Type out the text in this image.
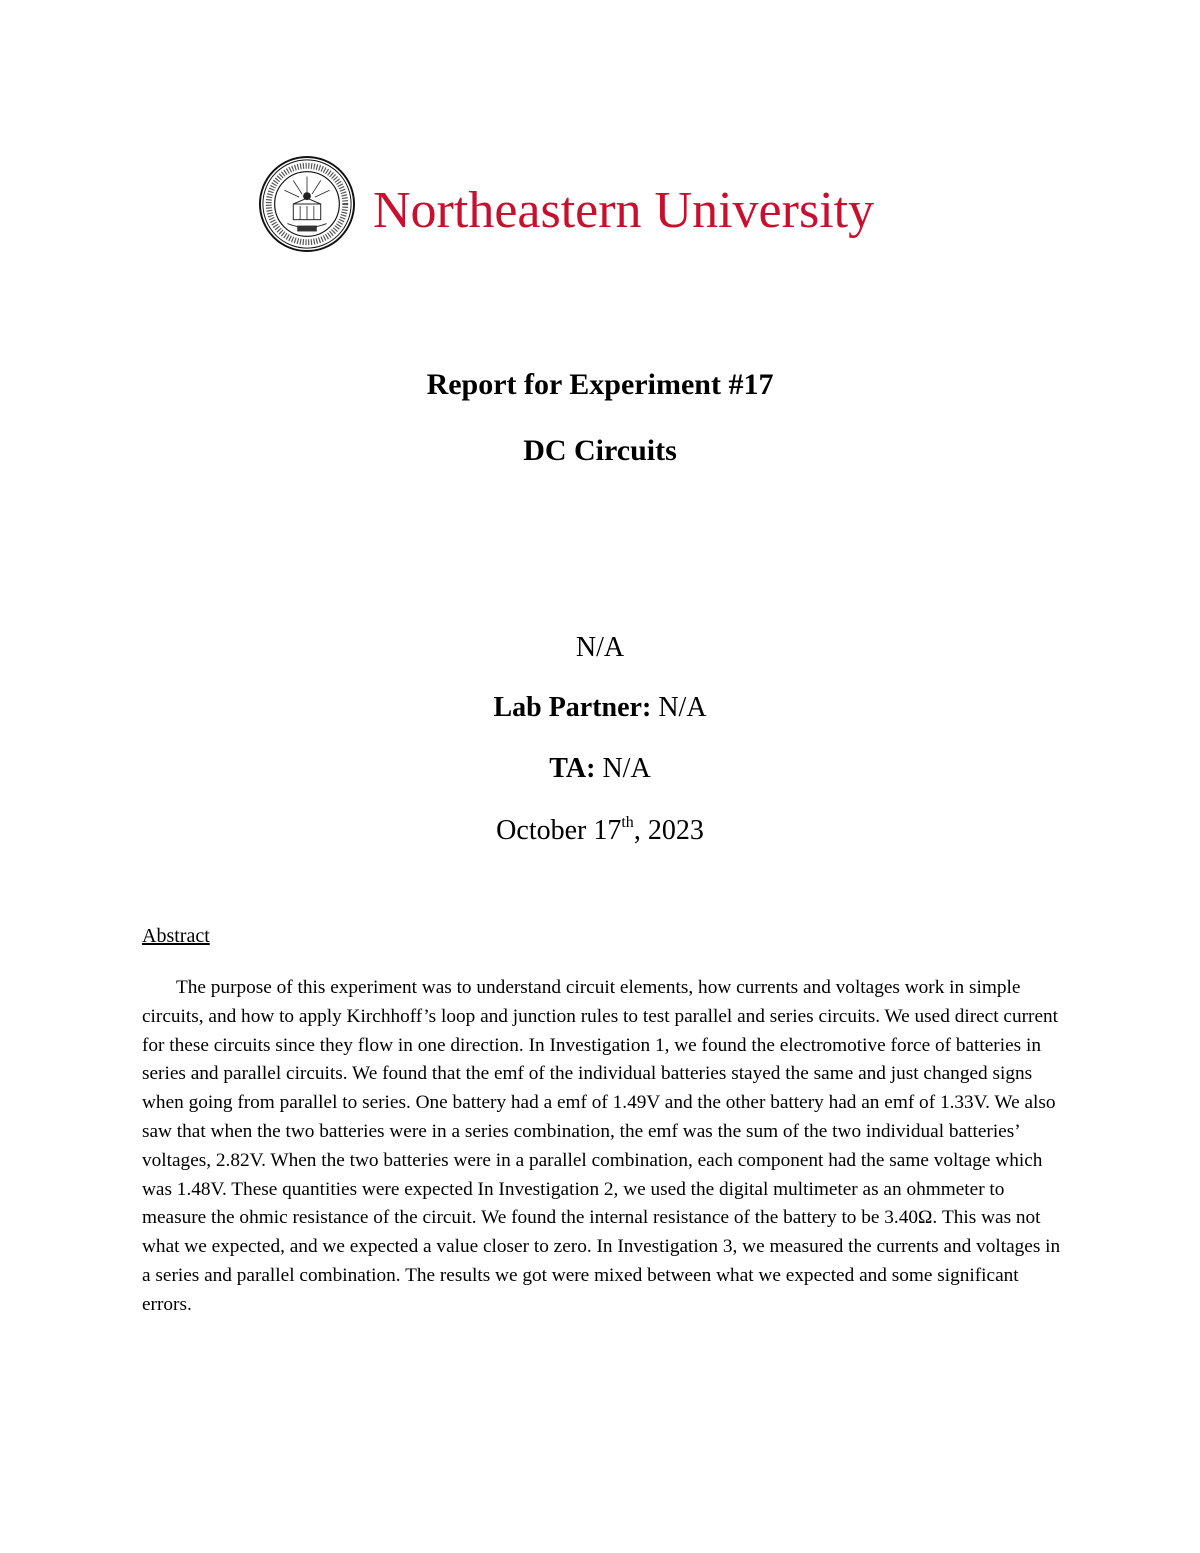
Northeastern University
Report for Experiment #17
DC Circuits
N/A
Lab Partner: N/A
TA: N/A
October 17th, 2023
Abstract

The purpose of this experiment was to understand circuit elements, how currents and voltages work in simple circuits, and how to apply Kirchhoff’s loop and junction rules to test parallel and series circuits. We used direct current for these circuits since they flow in one direction. In Investigation 1, we found the electromotive force of batteries in series and parallel circuits. We found that the emf of the individual batteries stayed the same and just changed signs when going from parallel to series. One battery had a emf of 1.49V and the other battery had an emf of 1.33V. We also saw that when the two batteries were in a series combination, the emf was the sum of the two individual batteries’ voltages, 2.82V. When the two batteries were in a parallel combination, each component had the same voltage which was 1.48V. These quantities were expected In Investigation 2, we used the digital multimeter as an ohmmeter to measure the ohmic resistance of the circuit. We found the internal resistance of the battery to be 3.40Ω. This was not what we expected, and we expected a value closer to zero. In Investigation 3, we measured the currents and voltages in a series and parallel combination. The results we got were mixed between what we expected and some significant errors.
